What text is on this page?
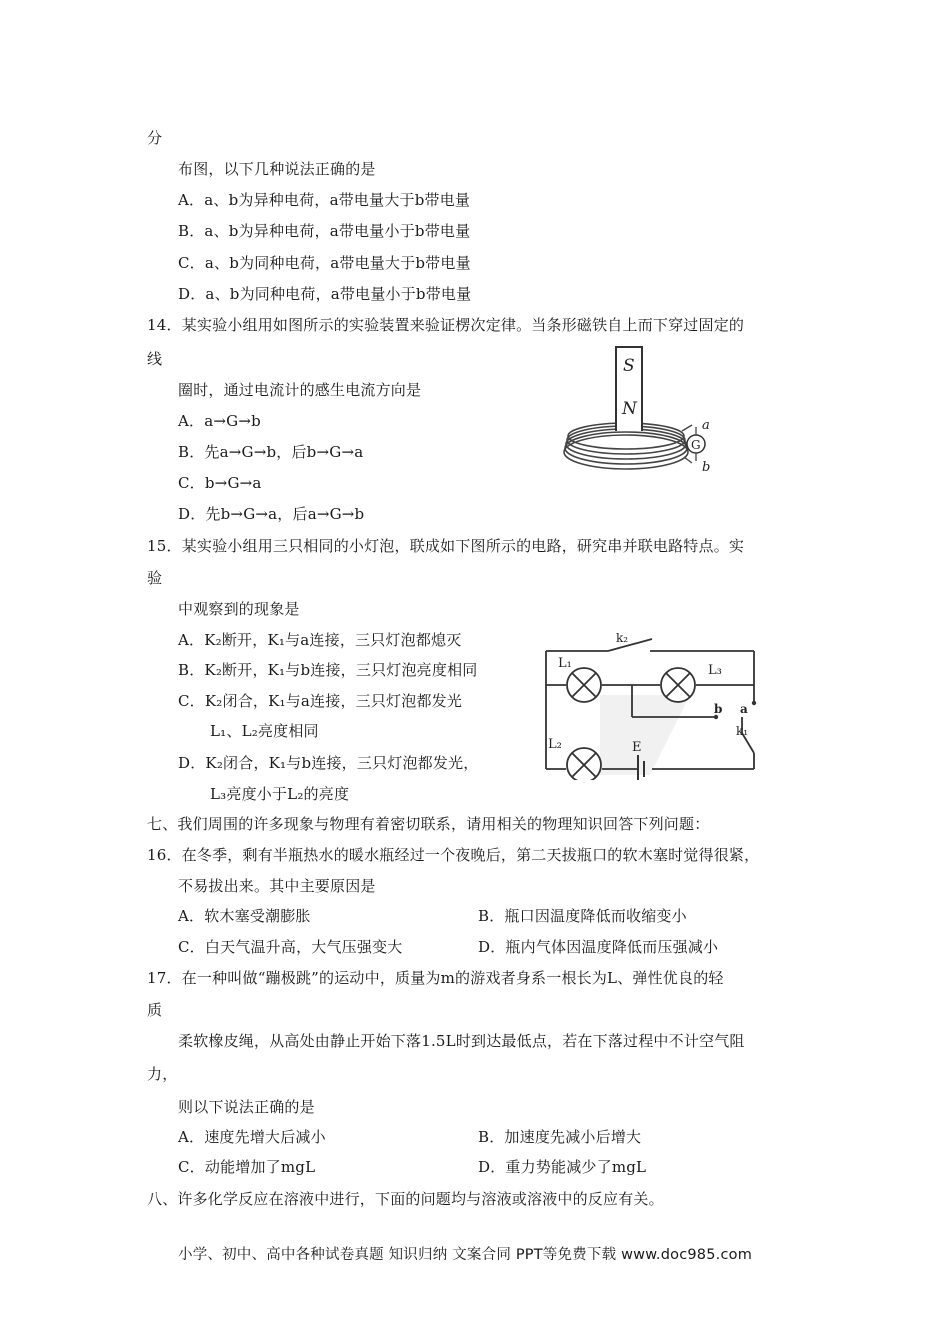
分
布图，以下几种说法正确的是
A．a、b为异种电荷，a带电量大于b带电量
B．a、b为异种电荷，a带电量小于b带电量
C．a、b为同种电荷，a带电量大于b带电量
D．a、b为同种电荷，a带电量小于b带电量
14．某实验小组用如图所示的实验装置来验证楞次定律。当条形磁铁自上而下穿过固定的
线
圈时，通过电流计的感生电流方向是
A．a→G→b
B．先a→G→b，后b→G→a
C．b→G→a
D．先b→G→a，后a→G→b
15．某实验小组用三只相同的小灯泡，联成如下图所示的电路，研究串并联电路特点。实
验
中观察到的现象是
A．K₂断开，K₁与a连接，三只灯泡都熄灭
B．K₂断开，K₁与b连接，三只灯泡亮度相同
C．K₂闭合，K₁与a连接，三只灯泡都发光
L₁、L₂亮度相同
D．K₂闭合，K₁与b连接，三只灯泡都发光，
L₃亮度小于L₂的亮度
七、我们周围的许多现象与物理有着密切联系，请用相关的物理知识回答下列问题：
16．在冬季，剩有半瓶热水的暖水瓶经过一个夜晚后，第二天拔瓶口的软木塞时觉得很紧，
不易拔出来。其中主要原因是
A．软木塞受潮膨胀	B．瓶口因温度降低而收缩变小
C．白天气温升高，大气压强变大	D．瓶内气体因温度降低而压强减小
17．在一种叫做“蹦极跳”的运动中，质量为m的游戏者身系一根长为L、弹性优良的轻
质
柔软橡皮绳，从高处由静止开始下落1.5L时到达最低点，若在下落过程中不计空气阻
力，
则以下说法正确的是
A．速度先增大后减小	B．加速度先减小后增大
C．动能增加了mgL	D．重力势能减少了mgL
八、许多化学反应在溶液中进行，下面的问题均与溶液或溶液中的反应有关。
小学、初中、高中各种试卷真题 知识归纳 文案合同 PPT等免费下载 www.doc985.com
S
N
G
a
b
k₂
L₁	L₃
L₂	E
a
b
k₁
